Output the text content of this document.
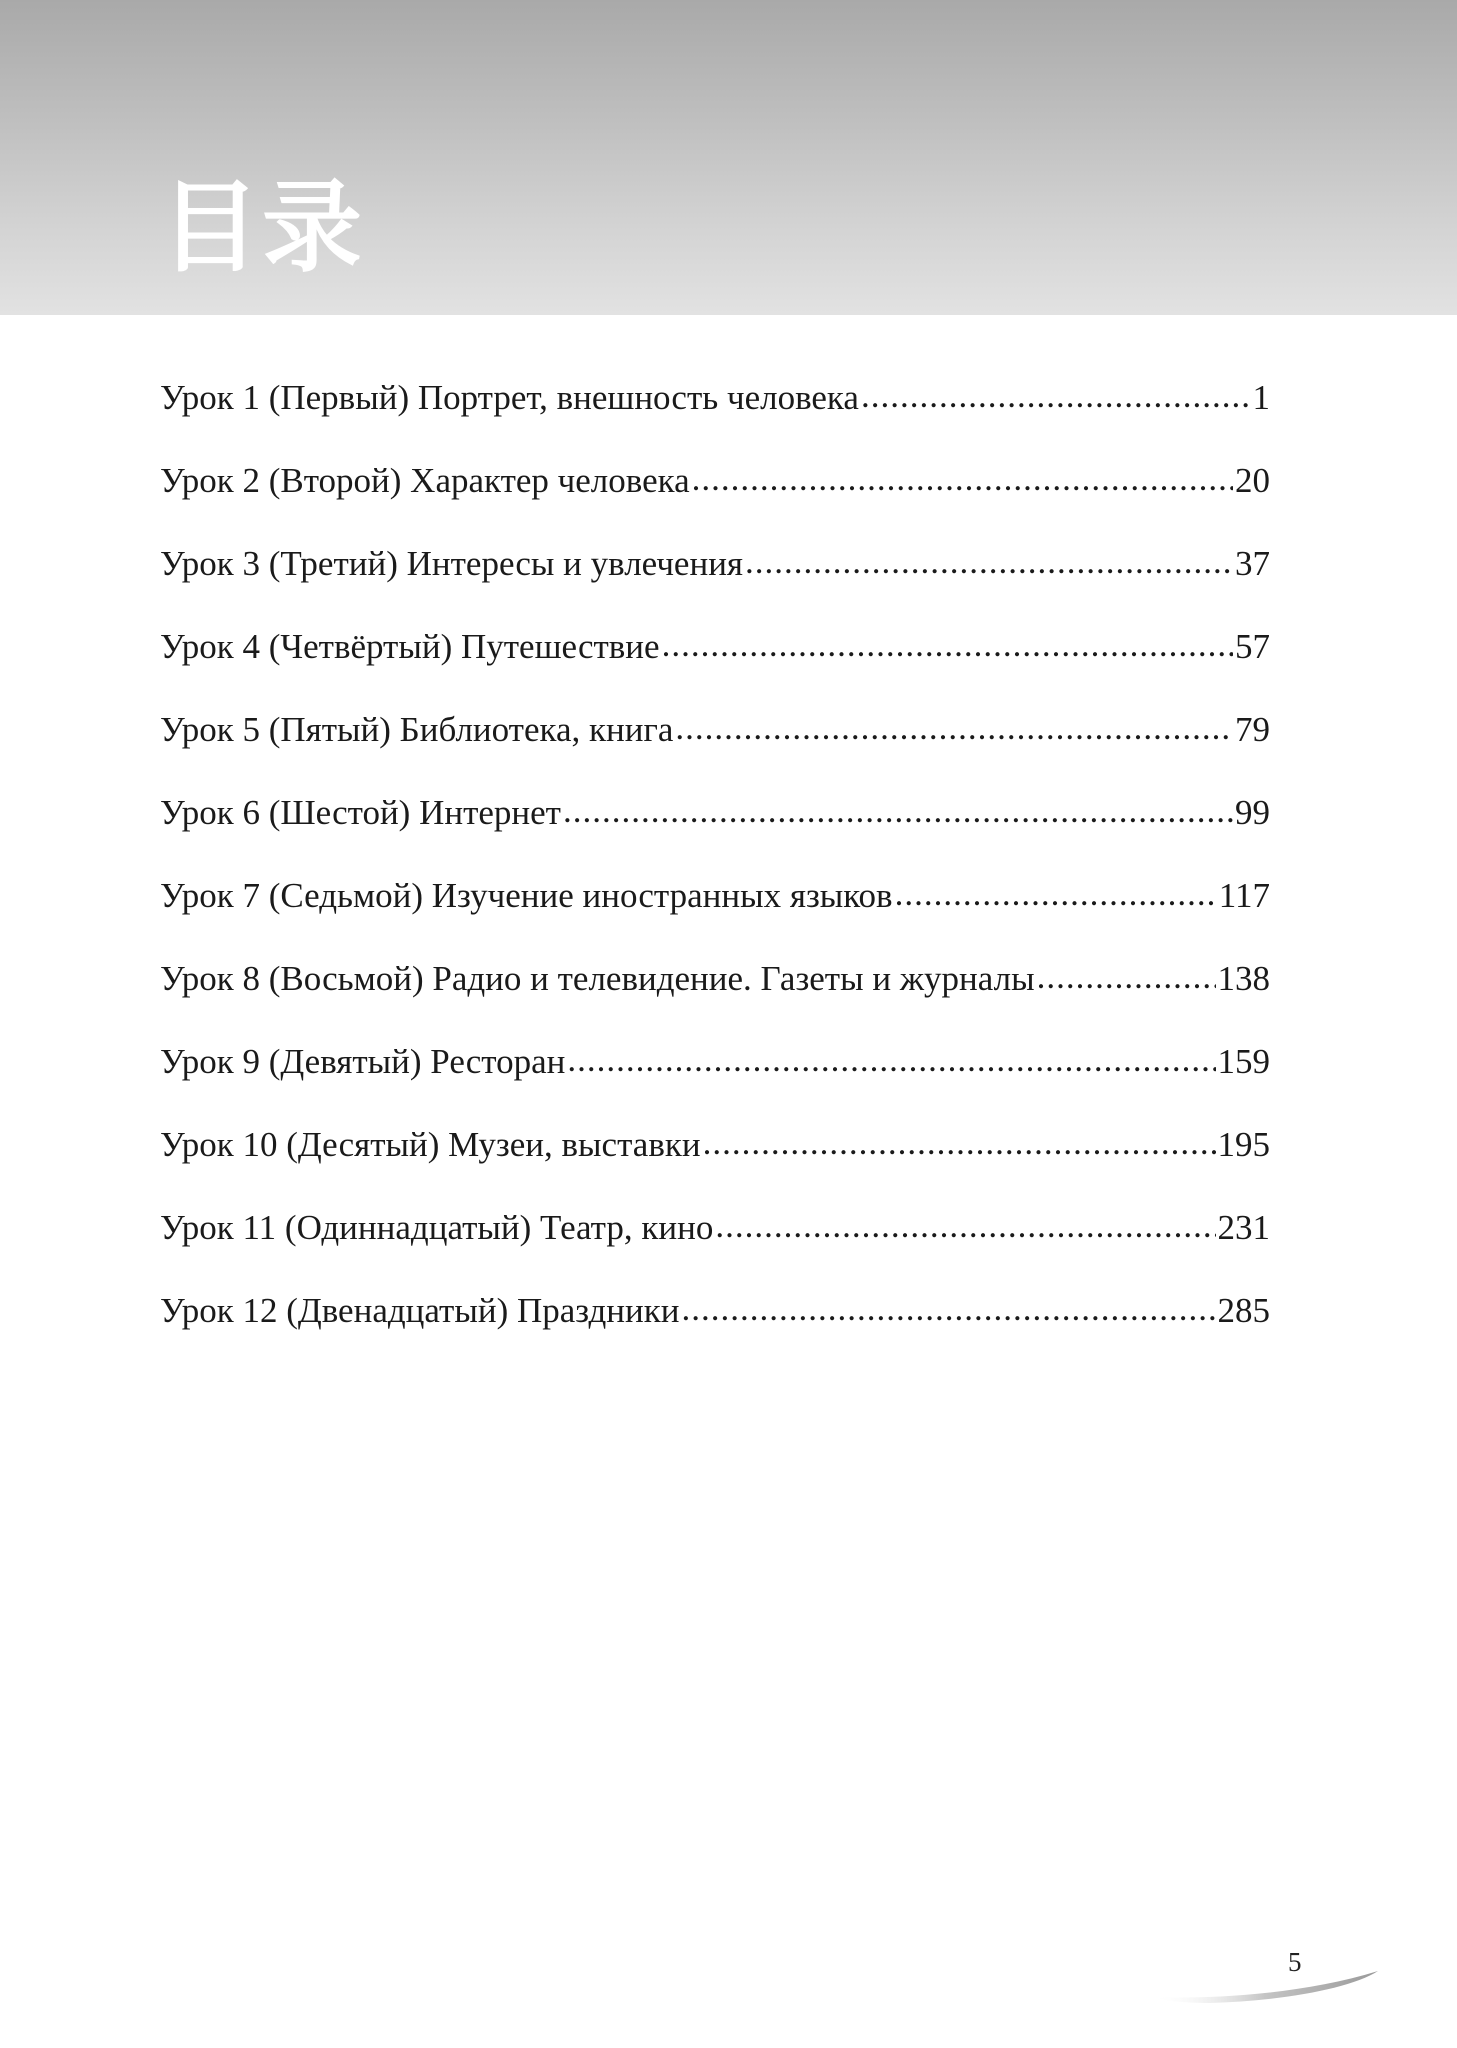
目录
Урок 1 (Первый) Портрет, внешность человека .....	1
Урок 2 (Второй) Характер человека .....	20
Урок 3 (Третий) Интересы и увлечения .....	37
Урок 4 (Четвёртый) Путешествие .....	57
Урок 5 (Пятый) Библиотека, книга .....	79
Урок 6 (Шестой) Интернет .....	99
Урок 7 (Седьмой) Изучение иностранных языков .....	117
Урок 8 (Восьмой) Радио и телевидение. Газеты и журналы .....	138
Урок 9 (Девятый) Ресторан .....	159
Урок 10 (Десятый) Музеи, выставки .....	195
Урок 11 (Одиннадцатый) Театр, кино .....	231
Урок 12 (Двенадцатый) Праздники .....	285
5
